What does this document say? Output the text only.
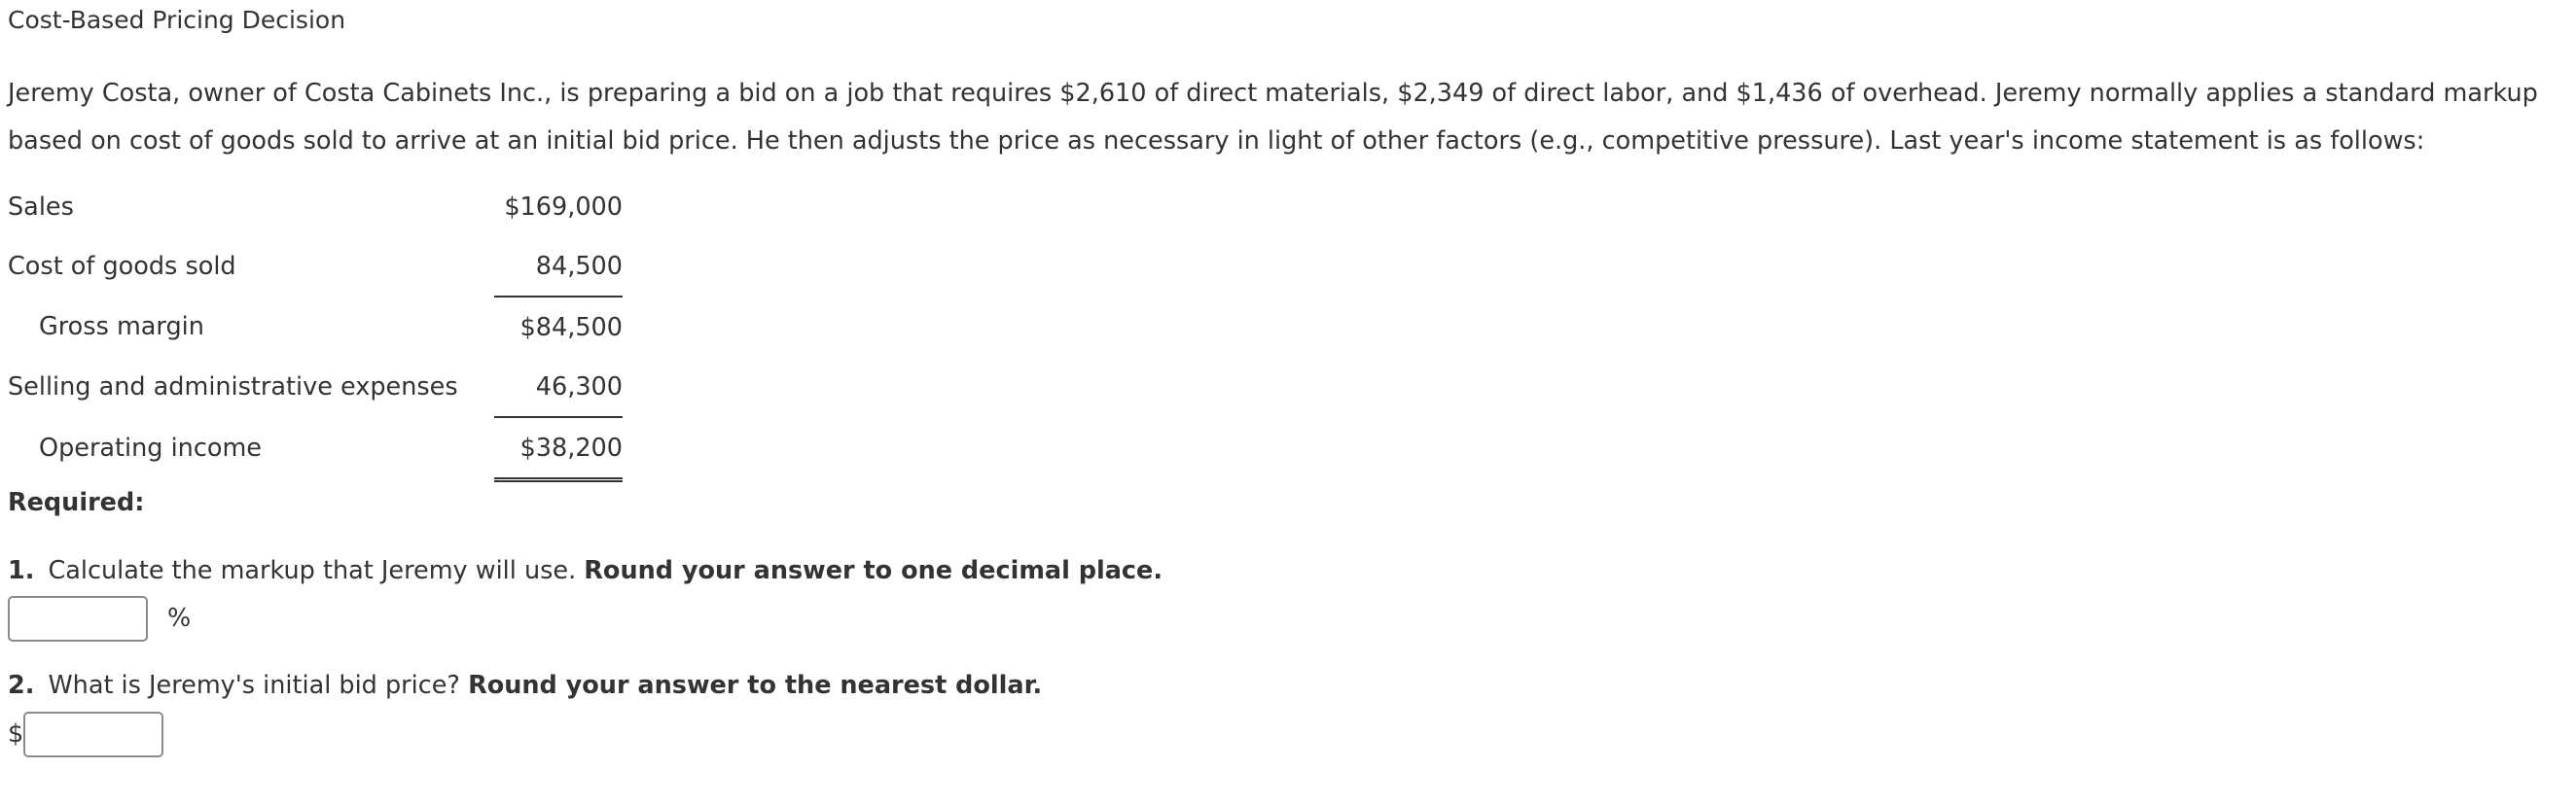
Cost-Based Pricing Decision
Jeremy Costa, owner of Costa Cabinets Inc., is preparing a bid on a job that requires $2,610 of direct materials, $2,349 of direct labor, and $1,436 of overhead. Jeremy normally applies a standard markup based on cost of goods sold to arrive at an initial bid price. He then adjusts the price as necessary in light of other factors (e.g., competitive pressure). Last year's income statement is as follows:
Sales	$169,000
Cost of goods sold	84,500
Gross margin	$84,500
Selling and administrative expenses	46,300
Operating income	$38,200
Required:
1. Calculate the markup that Jeremy will use. Round your answer to one decimal place.
%
2. What is Jeremy's initial bid price? Round your answer to the nearest dollar.
$
